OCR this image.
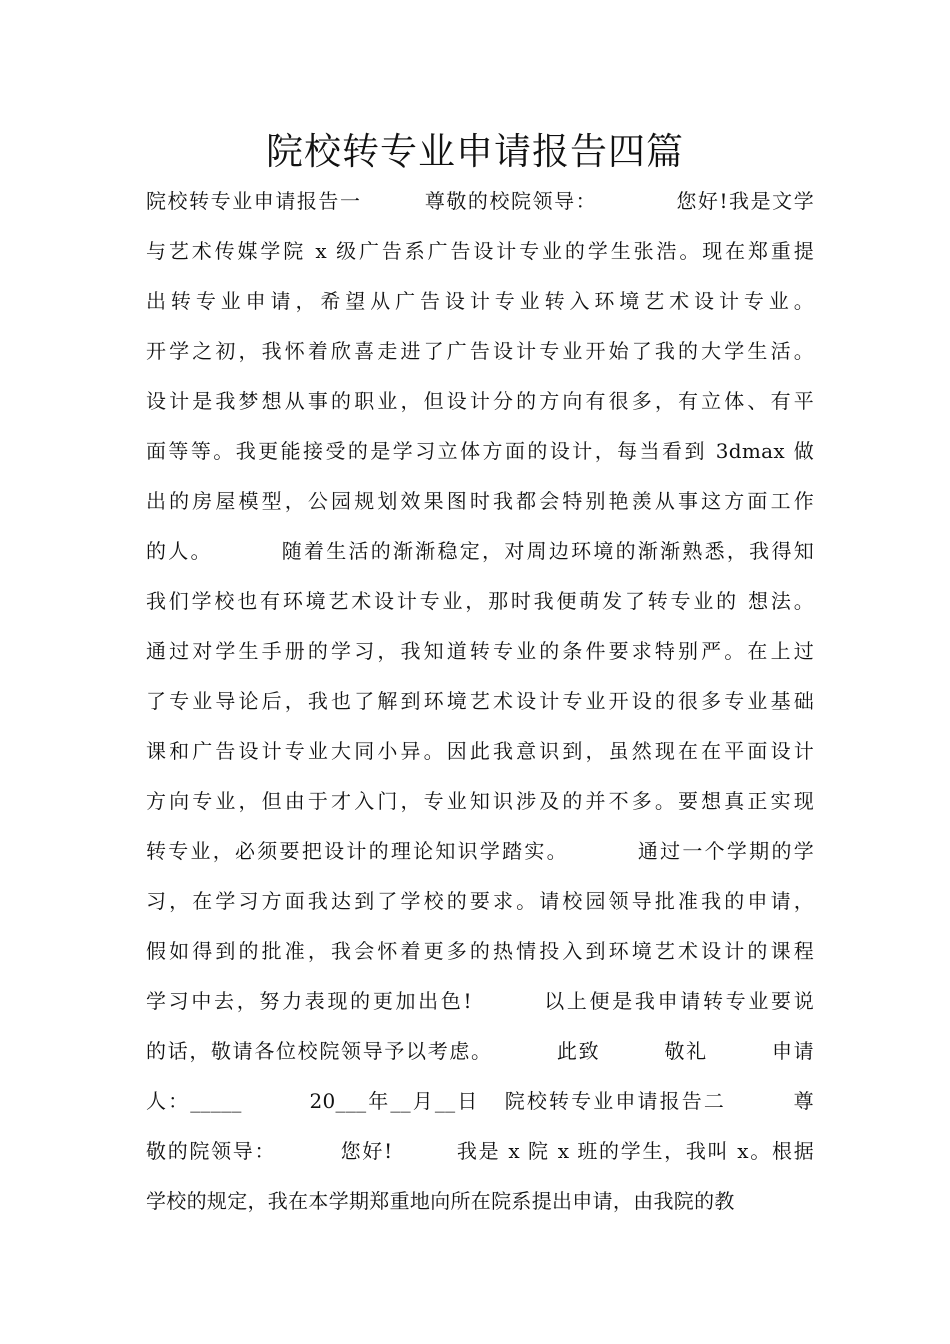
院校转专业申请报告四篇
院校转专业申请报告一        尊敬的校院领导：          您好!我是文学
与艺术传媒学院 x 级广告系广告设计专业的学生张浩。现在郑重提
出转专业申请，希望从广告设计专业转入环境艺术设计专业。
开学之初，我怀着欣喜走进了广告设计专业开始了我的大学生活。
设计是我梦想从事的职业，但设计分的方向有很多，有立体、有平
面等等。我更能接受的是学习立体方面的设计，每当看到 3dmax 做
出的房屋模型，公园规划效果图时我都会特别艳羡从事这方面工作
的人。        随着生活的渐渐稳定，对周边环境的渐渐熟悉，我得知
我们学校也有环境艺术设计专业，那时我便萌发了转专业的 想法。
通过对学生手册的学习，我知道转专业的条件要求特别严。在上过
了专业导论后，我也了解到环境艺术设计专业开设的很多专业基础
课和广告设计专业大同小异。因此我意识到，虽然现在在平面设计
方向专业，但由于才入门，专业知识涉及的并不多。要想真正实现
转专业，必须要把设计的理论知识学踏实。        通过一个学期的学
习，在学习方面我达到了学校的要求。请校园领导批准我的申请，
假如得到的批准，我会怀着更多的热情投入到环境艺术设计的课程
学习中去，努力表现的更加出色!        以上便是我申请转专业要说
的话，敬请各位校院领导予以考虑。        此致        敬礼        申请
人：_____        20___年__月__日   院校转专业申请报告二        尊
敬的院领导：        您好!        我是 x 院 x 班的学生，我叫 x。根据
学校的规定，我在本学期郑重地向所在院系提出申请，由我院的教
